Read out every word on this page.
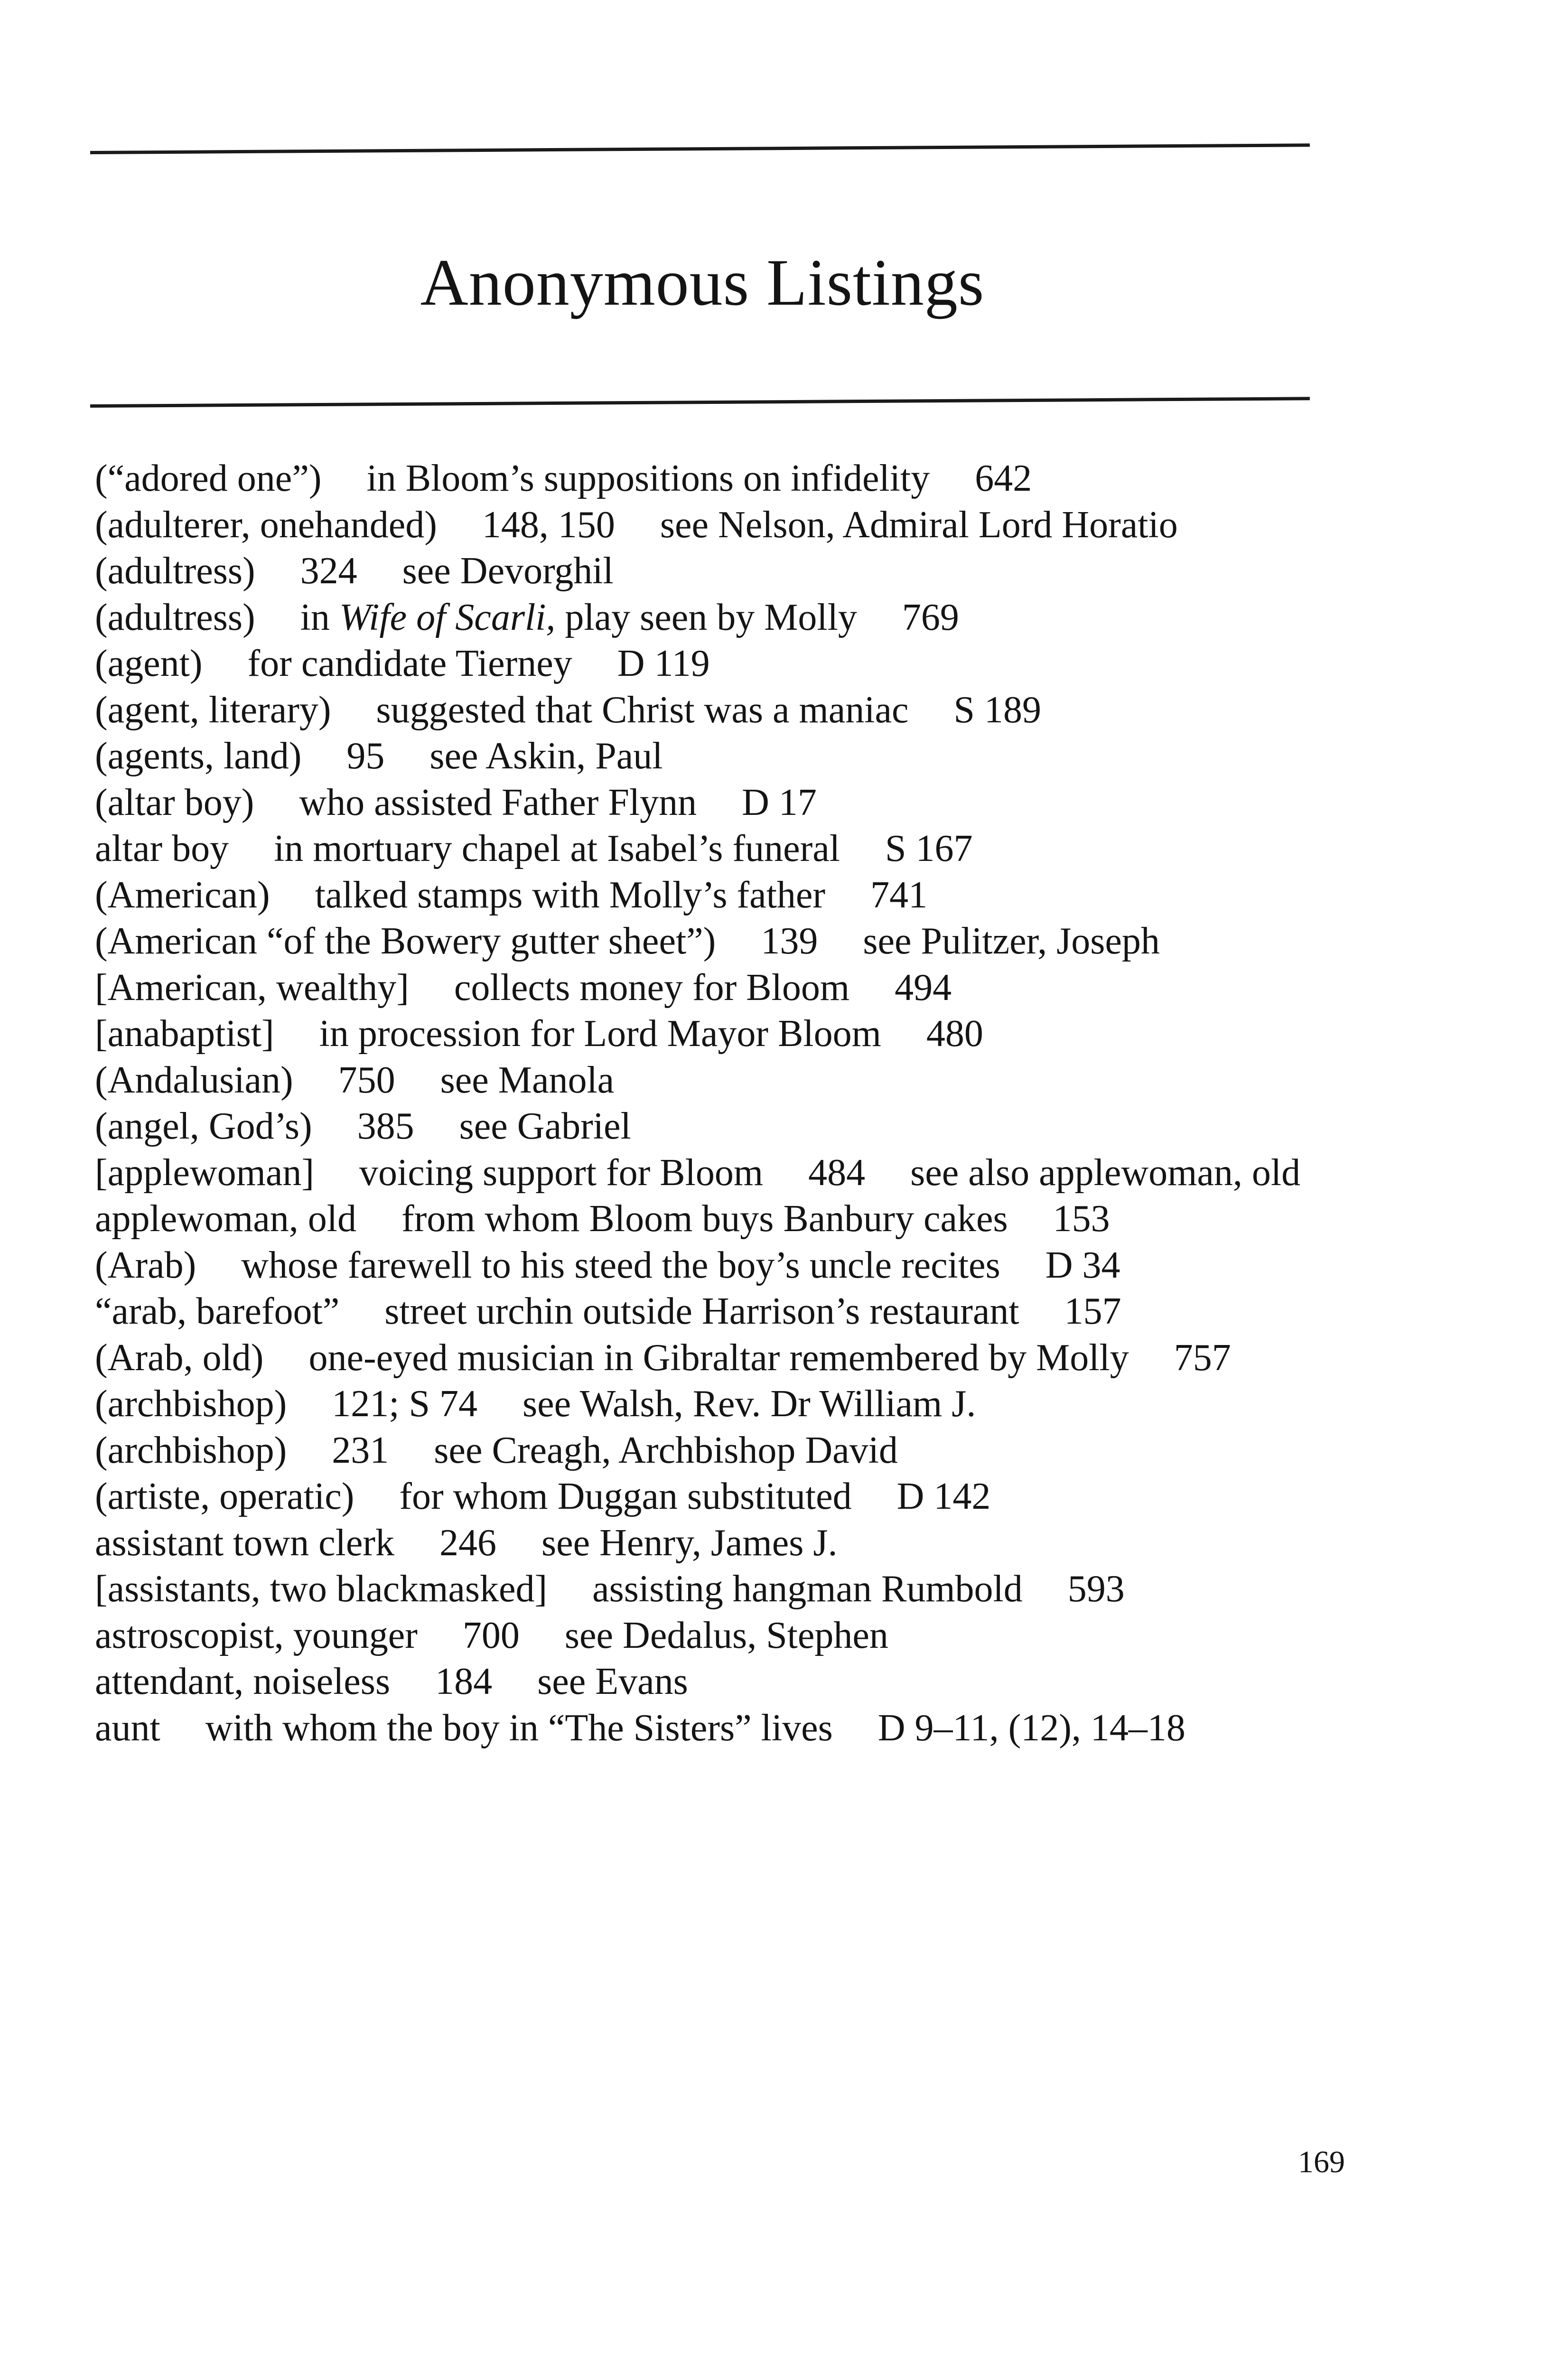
Anonymous Listings
(“adored one”) in Bloom’s suppositions on infidelity 642
(adulterer, onehanded) 148, 150 see Nelson, Admiral Lord Horatio
(adultress) 324 see Devorghil
(adultress) in Wife of Scarli, play seen by Molly 769
(agent) for candidate Tierney D 119
(agent, literary) suggested that Christ was a maniac S 189
(agents, land) 95 see Askin, Paul
(altar boy) who assisted Father Flynn D 17
altar boy in mortuary chapel at Isabel’s funeral S 167
(American) talked stamps with Molly’s father 741
(American “of the Bowery gutter sheet”) 139 see Pulitzer, Joseph
[American, wealthy] collects money for Bloom 494
[anabaptist] in procession for Lord Mayor Bloom 480
(Andalusian) 750 see Manola
(angel, God’s) 385 see Gabriel
[applewoman] voicing support for Bloom 484 see also applewoman, old
applewoman, old from whom Bloom buys Banbury cakes 153
(Arab) whose farewell to his steed the boy’s uncle recites D 34
“arab, barefoot” street urchin outside Harrison’s restaurant 157
(Arab, old) one-eyed musician in Gibraltar remembered by Molly 757
(archbishop) 121; S 74 see Walsh, Rev. Dr William J.
(archbishop) 231 see Creagh, Archbishop David
(artiste, operatic) for whom Duggan substituted D 142
assistant town clerk 246 see Henry, James J.
[assistants, two blackmasked] assisting hangman Rumbold 593
astroscopist, younger 700 see Dedalus, Stephen
attendant, noiseless 184 see Evans
aunt with whom the boy in “The Sisters” lives D 9–11, (12), 14–18
169
